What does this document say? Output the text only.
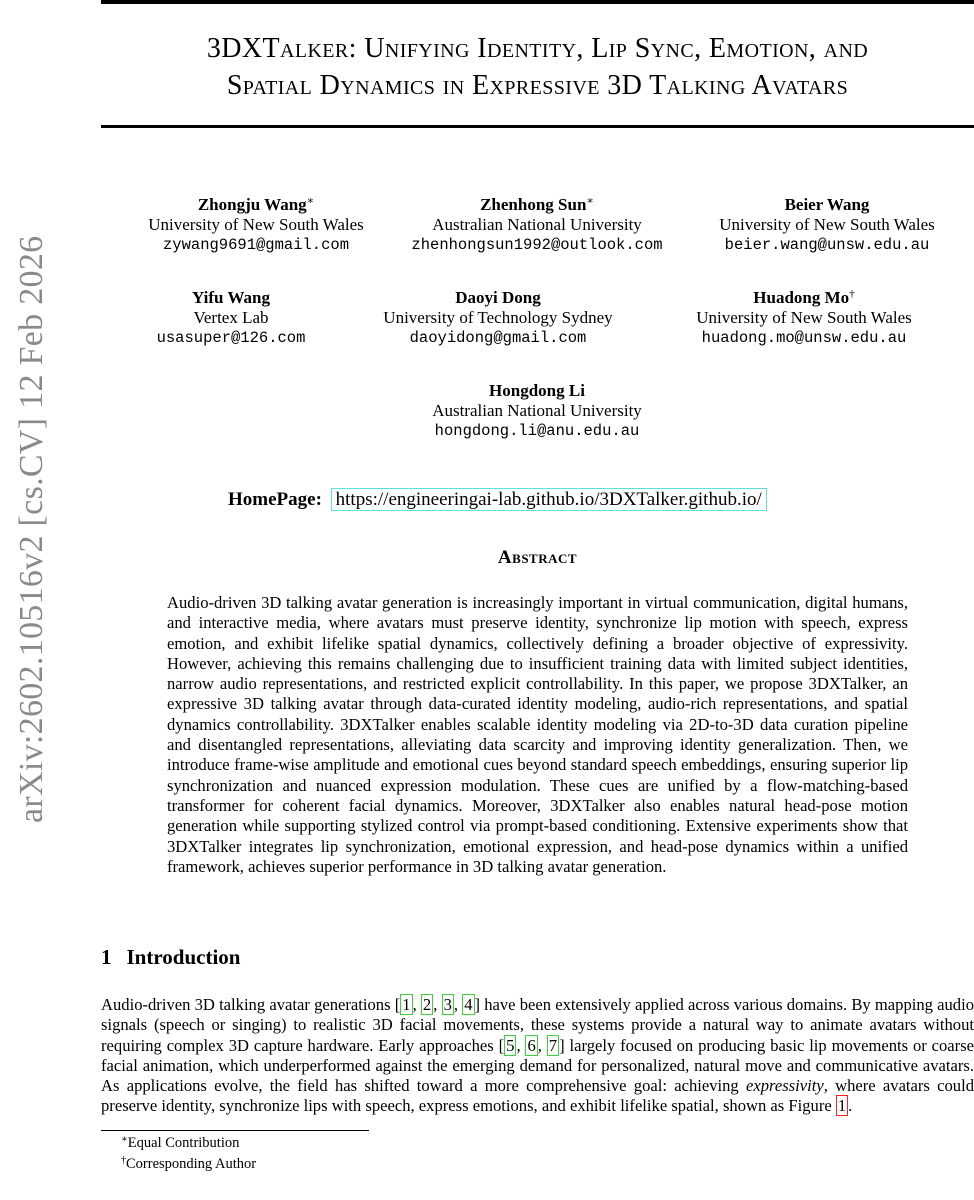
arXiv:2602.10516v2 [cs.CV] 12 Feb 2026
3DXTalker: Unifying Identity, Lip Sync, Emotion, and
Spatial Dynamics in Expressive 3D Talking Avatars
Zhongju Wang∗
University of New South Wales
zywang9691@gmail.com
Zhenhong Sun∗
Australian National University
zhenhongsun1992@outlook.com
Beier Wang
University of New South Wales
beier.wang@unsw.edu.au
Yifu Wang
Vertex Lab
usasuper@126.com
Daoyi Dong
University of Technology Sydney
daoyidong@gmail.com
Huadong Mo†
University of New South Wales
huadong.mo@unsw.edu.au
Hongdong Li
Australian National University
hongdong.li@anu.edu.au
HomePage: https://engineeringai-lab.github.io/3DXTalker.github.io/
Abstract
Audio-driven 3D talking avatar generation is increasingly important in virtual communication, digital humans, and interactive media, where avatars must preserve identity, synchronize lip motion with speech, express emotion, and exhibit lifelike spatial dynamics, collectively defining a broader objective of expressivity. However, achieving this remains challenging due to insufficient training data with limited subject identities, narrow audio representations, and restricted explicit controllability. In this paper, we propose 3DXTalker, an expressive 3D talking avatar through data-curated identity modeling, audio-rich representations, and spatial dynamics controllability. 3DXTalker enables scalable identity modeling via 2D-to-3D data curation pipeline and disentangled representations, alleviating data scarcity and improving identity generalization. Then, we introduce frame-wise amplitude and emotional cues beyond standard speech embeddings, ensuring superior lip synchronization and nuanced expression modulation. These cues are unified by a flow-matching-based transformer for coherent facial dynamics. Moreover, 3DXTalker also enables natural head-pose motion generation while supporting stylized control via prompt-based conditioning. Extensive experiments show that 3DXTalker integrates lip synchronization, emotional expression, and head-pose dynamics within a unified framework, achieves superior performance in 3D talking avatar generation.
1 Introduction
Audio-driven 3D talking avatar generations [ 1 , 2 , 3 , 4 ] have been extensively applied across various domains. By mapping audio signals (speech or singing) to realistic 3D facial movements, these systems provide a natural way to animate avatars without requiring complex 3D capture hardware. Early approaches [ 5 , 6 , 7 ] largely focused on producing basic lip movements or coarse facial animation, which underperformed against the emerging demand for personalized, natural move and communicative avatars. As applications evolve, the field has shifted toward a more comprehensive goal: achieving expressivity, where avatars could preserve identity, synchronize lips with speech, express emotions, and exhibit lifelike spatial, shown as Figure 1 .
∗Equal Contribution
†Corresponding Author
